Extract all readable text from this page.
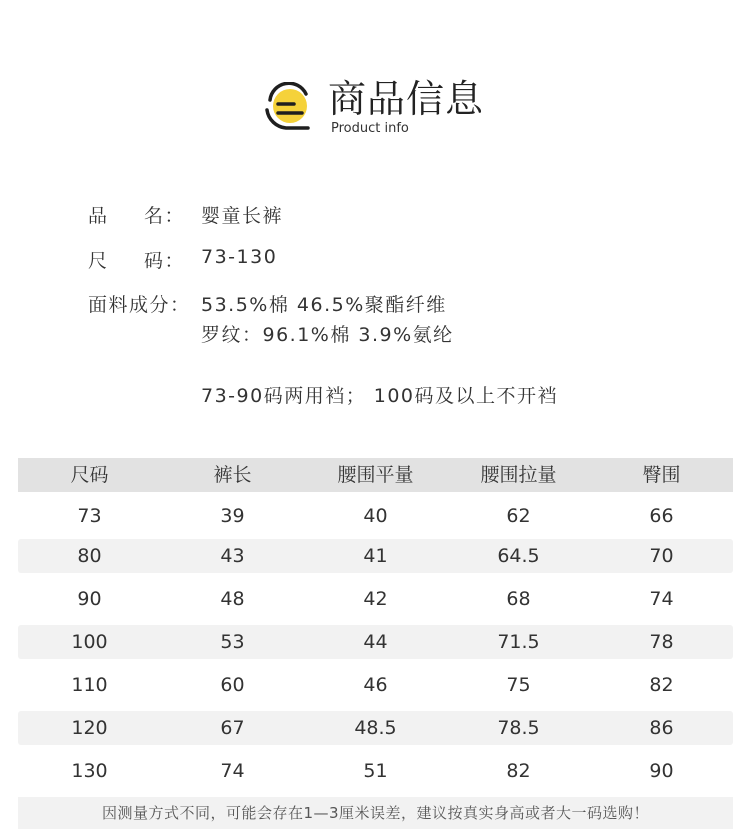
商品信息
Product info
品 名： 婴童长裤
尺 码： 73-130
面料成分： 53.5%棉 46.5%聚酯纤维
罗纹：96.1%棉 3.9%氨纶
73-90码两用裆； 100码及以上不开裆
尺码	裤长	腰围平量	腰围拉量	臀围
73	39	40	62	66
80	43	41	64.5	70
90	48	42	68	74
100	53	44	71.5	78
110	60	46	75	82
120	67	48.5	78.5	86
130	74	51	82	90
因测量方式不同，可能会存在1—3厘米误差，建议按真实身高或者大一码选购！
